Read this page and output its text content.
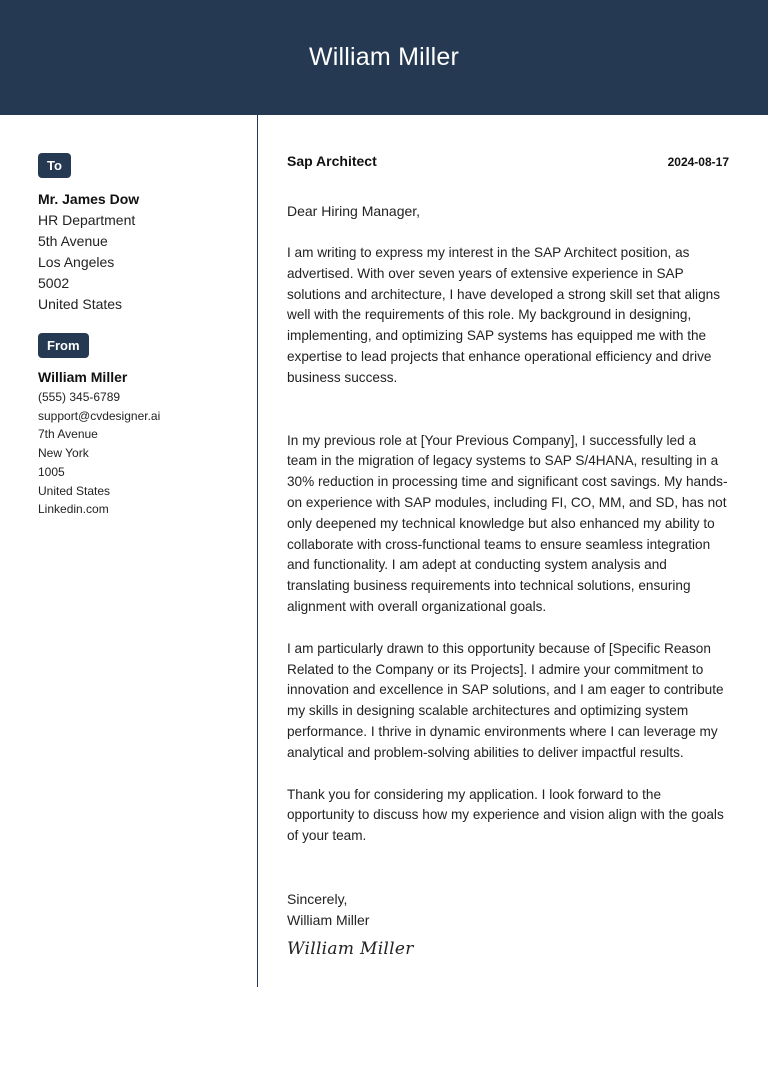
William Miller
To
Mr. James Dow
HR Department
5th Avenue
Los Angeles
5002
United States
From
William Miller
(555) 345-6789
support@cvdesigner.ai
7th Avenue
New York
1005
United States
Linkedin.com
Sap Architect	2024-08-17
Dear Hiring Manager,

I am writing to express my interest in the SAP Architect position, as advertised. With over seven years of extensive experience in SAP solutions and architecture, I have developed a strong skill set that aligns well with the requirements of this role. My background in designing, implementing, and optimizing SAP systems has equipped me with the expertise to lead projects that enhance operational efficiency and drive business success.

In my previous role at [Your Previous Company], I successfully led a team in the migration of legacy systems to SAP S/4HANA, resulting in a 30% reduction in processing time and significant cost savings. My hands-on experience with SAP modules, including FI, CO, MM, and SD, has not only deepened my technical knowledge but also enhanced my ability to collaborate with cross-functional teams to ensure seamless integration and functionality. I am adept at conducting system analysis and translating business requirements into technical solutions, ensuring alignment with overall organizational goals.

I am particularly drawn to this opportunity because of [Specific Reason Related to the Company or its Projects]. I admire your commitment to innovation and excellence in SAP solutions, and I am eager to contribute my skills in designing scalable architectures and optimizing system performance. I thrive in dynamic environments where I can leverage my analytical and problem-solving abilities to deliver impactful results.

Thank you for considering my application. I look forward to the opportunity to discuss how my experience and vision align with the goals of your team.

Sincerely,
William Miller
William Miller
